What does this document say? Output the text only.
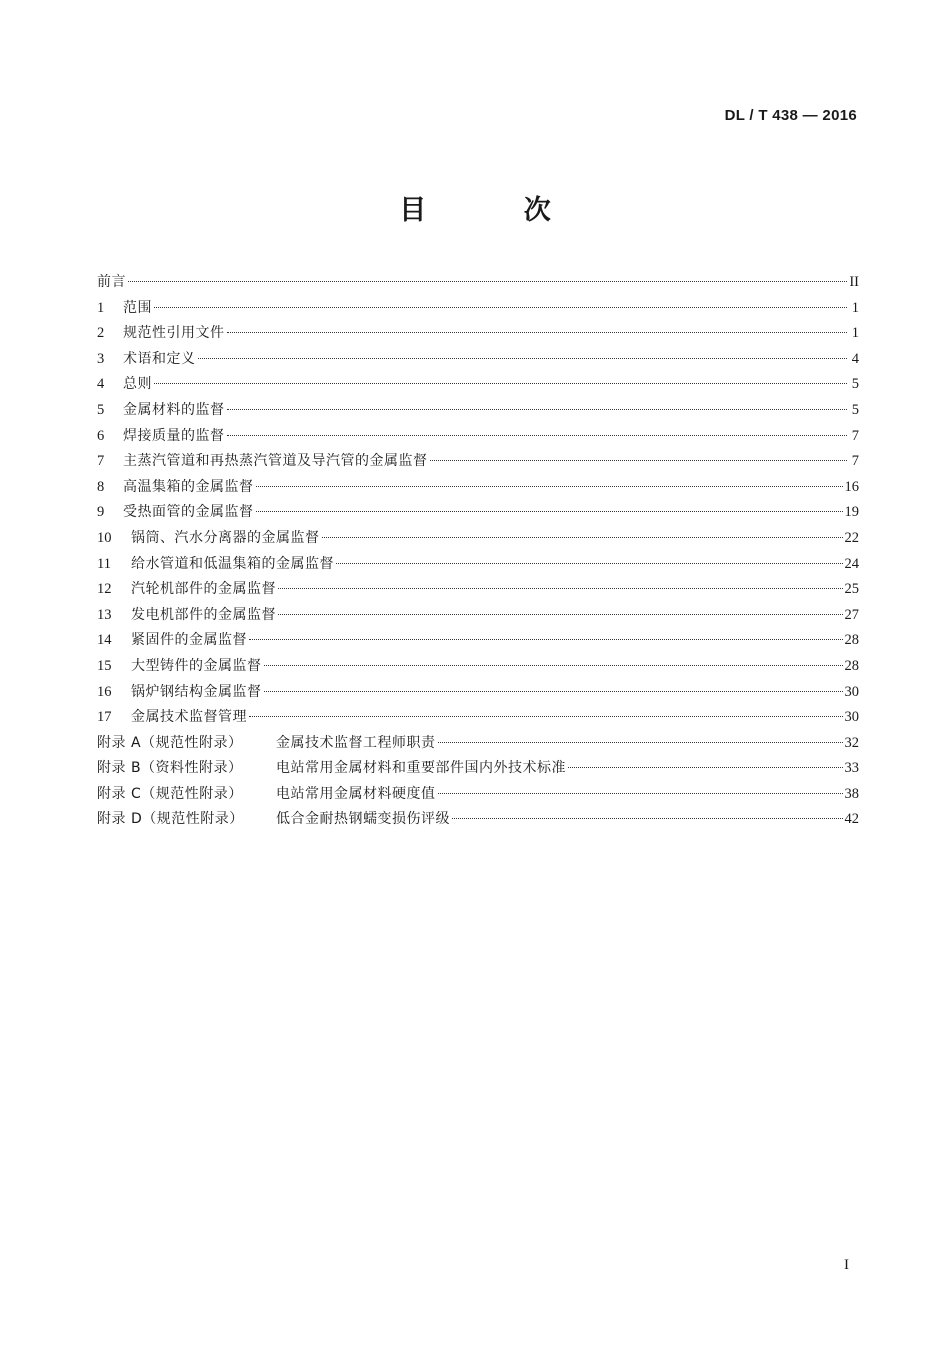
DL / T 438 — 2016
目 次
前言	II
1	范围	1
2	规范性引用文件	1
3	术语和定义	4
4	总则	5
5	金属材料的监督	5
6	焊接质量的监督	7
7	主蒸汽管道和再热蒸汽管道及导汽管的金属监督	7
8	高温集箱的金属监督	16
9	受热面管的金属监督	19
10	锅筒、汽水分离器的金属监督	22
11	给水管道和低温集箱的金属监督	24
12	汽轮机部件的金属监督	25
13	发电机部件的金属监督	27
14	紧固件的金属监督	28
15	大型铸件的金属监督	28
16	锅炉钢结构金属监督	30
17	金属技术监督管理	30
附录 A（规范性附录）	金属技术监督工程师职责	32
附录 B（资料性附录）	电站常用金属材料和重要部件国内外技术标准	33
附录 C（规范性附录）	电站常用金属材料硬度值	38
附录 D（规范性附录）	低合金耐热钢蠕变损伤评级	42
I
